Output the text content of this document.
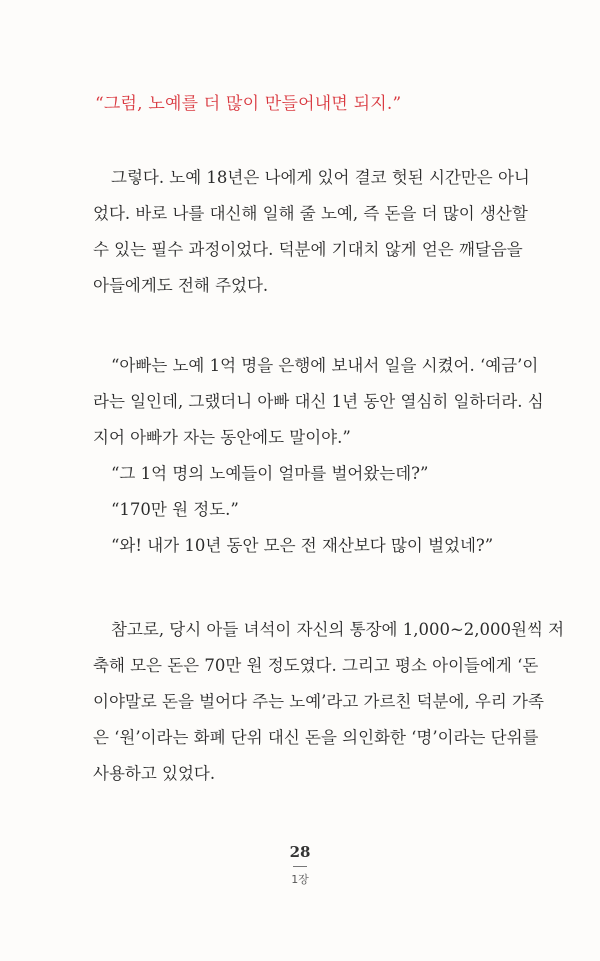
“그럼, 노예를 더 많이 만들어내면 되지.”
그렇다. 노예 18년은 나에게 있어 결코 헛된 시간만은 아니
었다. 바로 나를 대신해 일해 줄 노예, 즉 돈을 더 많이 생산할
수 있는 필수 과정이었다. 덕분에 기대치 않게 얻은 깨달음을
아들에게도 전해 주었다.
“아빠는 노예 1억 명을 은행에 보내서 일을 시켰어. ‘예금’이
라는 일인데, 그랬더니 아빠 대신 1년 동안 열심히 일하더라. 심
지어 아빠가 자는 동안에도 말이야.”
“그 1억 명의 노예들이 얼마를 벌어왔는데?”
“170만 원 정도.”
“와! 내가 10년 동안 모은 전 재산보다 많이 벌었네?”
참고로, 당시 아들 녀석이 자신의 통장에 1,000~2,000원씩 저
축해 모은 돈은 70만 원 정도였다. 그리고 평소 아이들에게 ‘돈
이야말로 돈을 벌어다 주는 노예’라고 가르친 덕분에, 우리 가족
은 ‘원’이라는 화폐 단위 대신 돈을 의인화한 ‘명’이라는 단위를
사용하고 있었다.
28
1장
